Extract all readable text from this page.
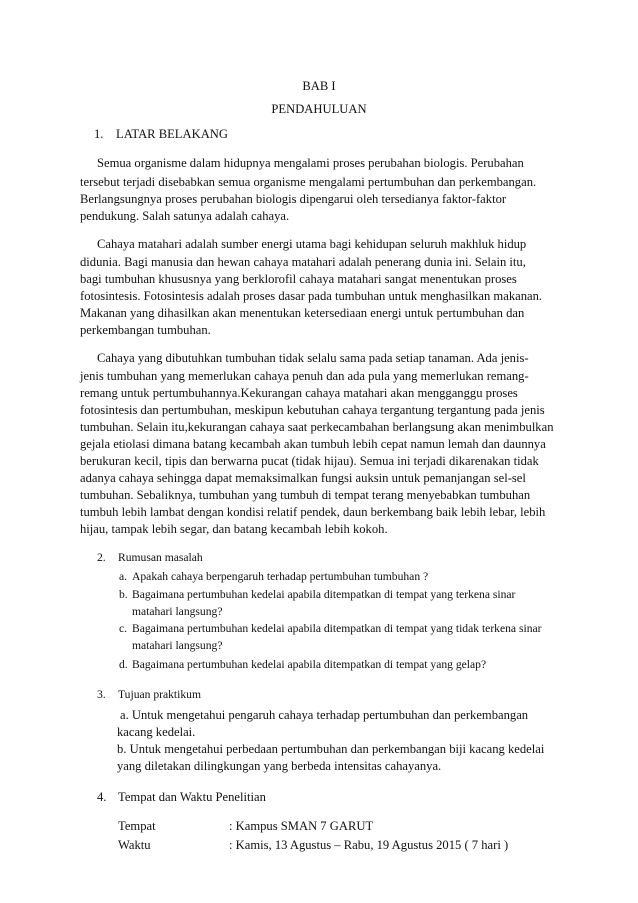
BAB I

PENDAHULUAN

1. LATAR BELAKANG

Semua organisme dalam hidupnya mengalami proses perubahan biologis. Perubahan

tersebut terjadi disebabkan semua organisme mengalami pertumbuhan dan perkembangan.

Berlangsungnya proses perubahan biologis dipengarui oleh tersedianya faktor-faktor

pendukung. Salah satunya adalah cahaya.

Cahaya matahari adalah sumber energi utama bagi kehidupan seluruh makhluk hidup

didunia. Bagi manusia dan hewan cahaya matahari adalah penerang dunia ini. Selain itu,

bagi tumbuhan khususnya yang berklorofil cahaya matahari sangat menentukan proses

fotosintesis. Fotosintesis adalah proses dasar pada tumbuhan untuk menghasilkan makanan.

Makanan yang dihasilkan akan menentukan ketersediaan energi untuk pertumbuhan dan

perkembangan tumbuhan.

Cahaya yang dibutuhkan tumbuhan tidak selalu sama pada setiap tanaman. Ada jenis-

jenis tumbuhan yang memerlukan cahaya penuh dan ada pula yang memerlukan remang-

remang untuk pertumbuhannya.Kekurangan cahaya matahari akan mengganggu proses

fotosintesis dan pertumbuhan, meskipun kebutuhan cahaya tergantung tergantung pada jenis

tumbuhan. Selain itu,kekurangan cahaya saat perkecambahan berlangsung akan menimbulkan

gejala etiolasi dimana batang kecambah akan tumbuh lebih cepat namun lemah dan daunnya

berukuran kecil, tipis dan berwarna pucat (tidak hijau). Semua ini terjadi dikarenakan tidak

adanya cahaya sehingga dapat memaksimalkan fungsi auksin untuk pemanjangan sel-sel

tumbuhan. Sebaliknya, tumbuhan yang tumbuh di tempat terang menyebabkan tumbuhan

tumbuh lebih lambat dengan kondisi relatif pendek, daun berkembang baik lebih lebar, lebih

hijau, tampak lebih segar, dan batang kecambah lebih kokoh.

2. Rumusan masalah

a. Apakah cahaya berpengaruh terhadap pertumbuhan tumbuhan ?

b. Bagaimana pertumbuhan kedelai apabila ditempatkan di tempat yang terkena sinar

matahari langsung?

c. Bagaimana pertumbuhan kedelai apabila ditempatkan di tempat yang tidak terkena sinar

matahari langsung?

d. Bagaimana pertumbuhan kedelai apabila ditempatkan di tempat yang gelap?

3. Tujuan praktikum

a. Untuk mengetahui pengaruh cahaya terhadap pertumbuhan dan perkembangan

kacang kedelai.

b. Untuk mengetahui perbedaan pertumbuhan dan perkembangan biji kacang kedelai

yang diletakan dilingkungan yang berbeda intensitas cahayanya.

4. Tempat dan Waktu Penelitian

Tempat	: Kampus SMAN 7 GARUT

Waktu	: Kamis, 13 Agustus – Rabu, 19 Agustus 2015 ( 7 hari )
